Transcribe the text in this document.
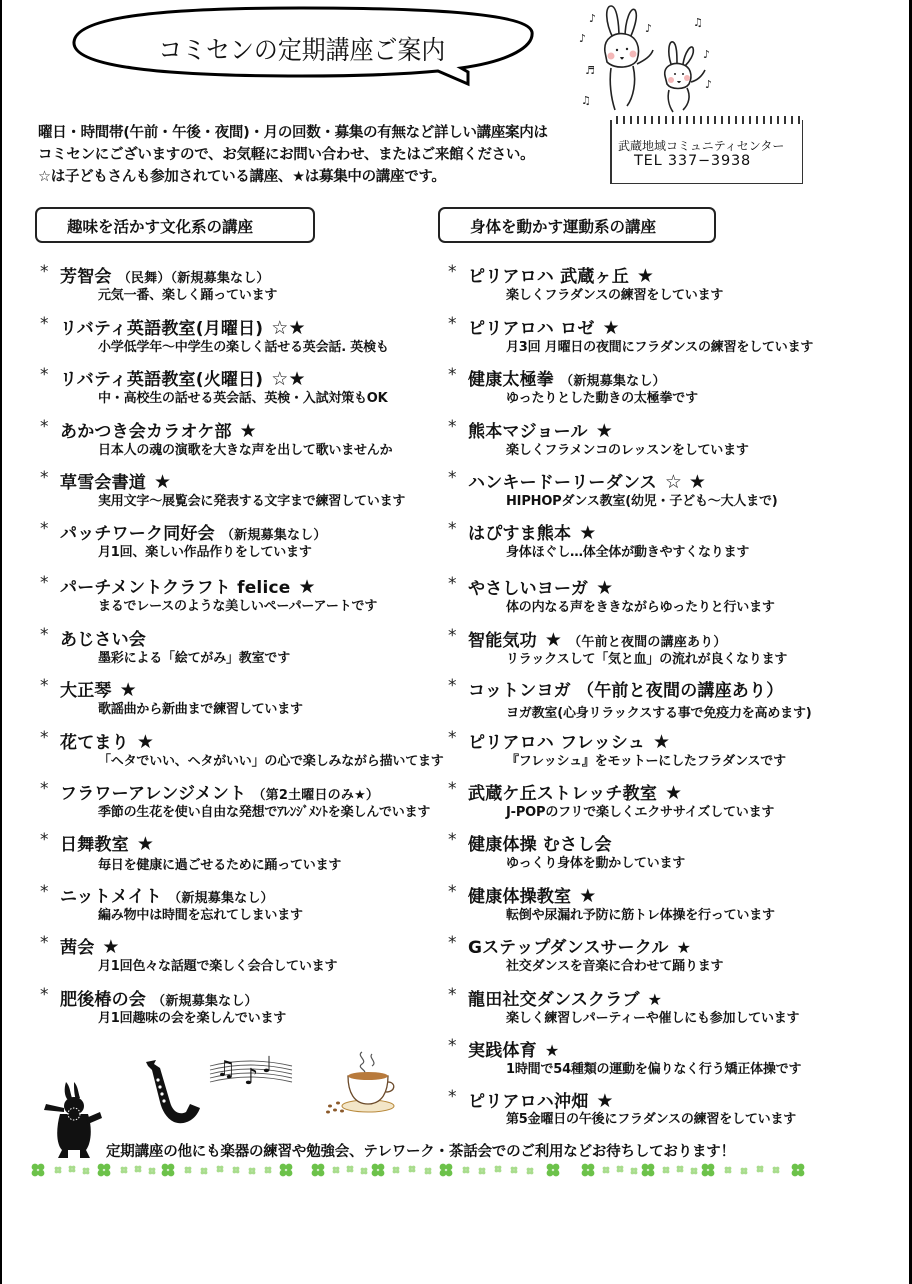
コミセンの定期講座ご案内
♪
♪
♬
♪	♫
♪
♪
♫
曜日・時間帯(午前・午後・夜間)・月の回数・募集の有無など詳しい講座案内は
コミセンにございますので、お気軽にお問い合わせ、またはご来館ください。
☆は子どもさんも参加されている講座、★は募集中の講座です。
武蔵地域コミュニティセンター
TEL 337−3938
趣味を活かす文化系の講座	身体を動かす運動系の講座
* 芳智会 （民舞）（新規募集なし）
元気一番、楽しく踊っています
* リバティ英語教室(月曜日) ☆★
小学低学年～中学生の楽しく話せる英会話. 英検も
* リバティ英語教室(火曜日) ☆★
中・高校生の話せる英会話、英検・入試対策もOK
* あかつき会カラオケ部 ★
日本人の魂の演歌を大きな声を出して歌いませんか
* 草雪会書道 ★
実用文字～展覧会に発表する文字まで練習しています
* パッチワーク同好会 （新規募集なし）
月1回、楽しい作品作りをしています
* パーチメントクラフト felice ★
まるでレースのような美しいペーパーアートです
* あじさい会
墨彩による「絵てがみ」教室です
* 大正琴 ★
歌謡曲から新曲まで練習しています
* 花てまり ★
「ヘタでいい、ヘタがいい」の心で楽しみながら描いてます
* フラワーアレンジメント （第2土曜日のみ★）
季節の生花を使い自由な発想でｱﾚﾝｼﾞﾒﾝﾄを楽しんでいます
* 日舞教室 ★
毎日を健康に過ごせるために踊っています
* ニットメイト （新規募集なし）
編み物中は時間を忘れてしまいます
* 茜会 ★
月1回色々な話題で楽しく会合しています
* 肥後椿の会 （新規募集なし）
月1回趣味の会を楽しんでいます
* ピリアロハ 武蔵ヶ丘 ★
楽しくフラダンスの練習をしています
* ピリアロハ ロゼ ★
月3回 月曜日の夜間にフラダンスの練習をしています
* 健康太極拳 （新規募集なし）
ゆったりとした動きの太極拳です
* 熊本マジョール ★
楽しくフラメンコのレッスンをしています
* ハンキードーリーダンス ☆ ★
HIPHOPダンス教室(幼児・子ども～大人まで)
* はぴすま熊本 ★
身体ほぐし…体全体が動きやすくなります
* やさしいヨーガ ★
体の内なる声をききながらゆったりと行います
* 智能気功 ★ （午前と夜間の講座あり）
リラックスして「気と血」の流れが良くなります
* コットンヨガ （午前と夜間の講座あり）
ヨガ教室(心身リラックスする事で免疫力を高めます)
* ピリアロハ フレッシュ ★
『フレッシュ』をモットーにしたフラダンスです
* 武蔵ケ丘ストレッチ教室 ★
J-POPのフリで楽しくエクササイズしています
* 健康体操 むさし会
ゆっくり身体を動かしています
* 健康体操教室 ★
転倒や尿漏れ予防に筋トレ体操を行っています
* Gステップダンスサークル ★
社交ダンスを音楽に合わせて踊ります
* 龍田社交ダンスクラブ ★
楽しく練習しパーティーや催しにも参加しています
* 実践体育 ★
1時間で54種類の運動を偏りなく行う矯正体操です
* ピリアロハ沖畑 ★
第5金曜日の午後にフラダンスの練習をしています
♫ ♪ ♩
定期講座の他にも楽器の練習や勉強会、テレワーク・茶話会でのご利用などお待ちしております！
